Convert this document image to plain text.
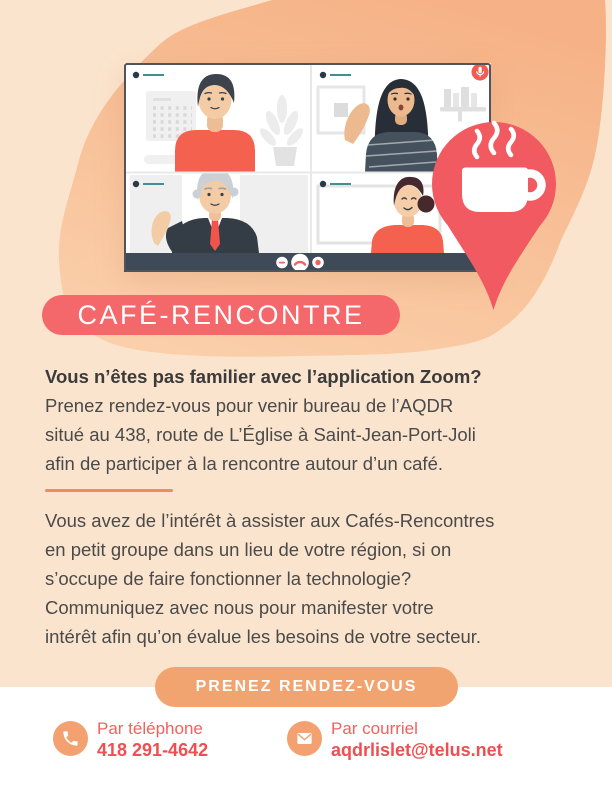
CAFÉ-RENCONTRE
Vous n’êtes pas familier avec l’application Zoom?
Prenez rendez-vous pour venir bureau de l’AQDR
situé au 438, route de L’Église à Saint-Jean-Port-Joli
afin de participer à la rencontre autour d’un café.
Vous avez de l’intérêt à assister aux Cafés-Rencontres
en petit groupe dans un lieu de votre région, si on
s’occupe de faire fonctionner la technologie?
Communiquez avec nous pour manifester votre
intérêt afin qu’on évalue les besoins de votre secteur.
PRENEZ RENDEZ-VOUS
Par téléphone
418 291-4642
Par courriel
aqdrlislet@telus.net
